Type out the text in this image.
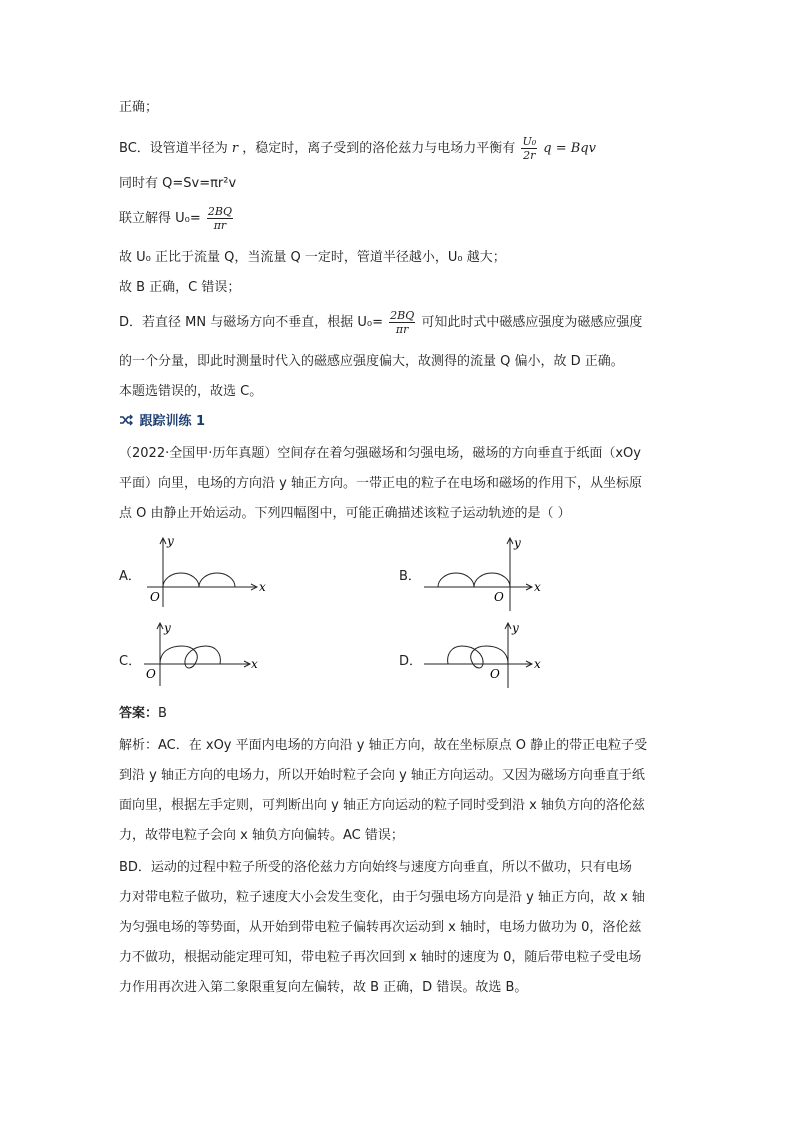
正确；
BC．设管道半径为 r ，稳定时，离子受到的洛伦兹力与电场力平衡有 $\frac{\text{U₀}}{2r}$ q = Bqv
同时有 Q=Sv=πr²v
联立解得 $U_0= \frac{2BQ}{\pi r}$
故 U₀ 正比于流量 Q，当流量 Q 一定时，管道半径越小，U₀ 越大；
故 B 正确，C 错误；
D．若直径 MN 与磁场方向不垂直，根据 $U_0= \frac{2BQ}{\pi r}$ 可知此时式中磁感应强度为磁感应强度
的一个分量，即此时测量时代入的磁感应强度偏大，故测得的流量 Q 偏小，故 D 正确。
本题选错误的，故选 C。
跟踪训练 1
（2022·全国甲·历年真题）空间存在着匀强磁场和匀强电场，磁场的方向垂直于纸面（xOy
平面）向里，电场的方向沿 y 轴正方向。一带正电的粒子在电场和磁场的作用下，从坐标原
点 O 由静止开始运动。下列四幅图中，可能正确描述该粒子运动轨迹的是（ ）
A．
y
x
O
B．
y
x
O
C．
y
x
O
D．
y
x
O
答案：B
解析：AC．在 xOy 平面内电场的方向沿 y 轴正方向，故在坐标原点 O 静止的带正电粒子受
到沿 y 轴正方向的电场力，所以开始时粒子会向 y 轴正方向运动。又因为磁场方向垂直于纸
面向里，根据左手定则，可判断出向 y 轴正方向运动的粒子同时受到沿 x 轴负方向的洛伦兹
力，故带电粒子会向 x 轴负方向偏转。AC 错误；
BD．运动的过程中粒子所受的洛伦兹力方向始终与速度方向垂直，所以不做功，只有电场
力对带电粒子做功，粒子速度大小会发生变化，由于匀强电场方向是沿 y 轴正方向，故 x 轴
为匀强电场的等势面，从开始到带电粒子偏转再次运动到 x 轴时，电场力做功为 0，洛伦兹
力不做功，根据动能定理可知，带电粒子再次回到 x 轴时的速度为 0，随后带电粒子受电场
力作用再次进入第二象限重复向左偏转，故 B 正确，D 错误。故选 B。
